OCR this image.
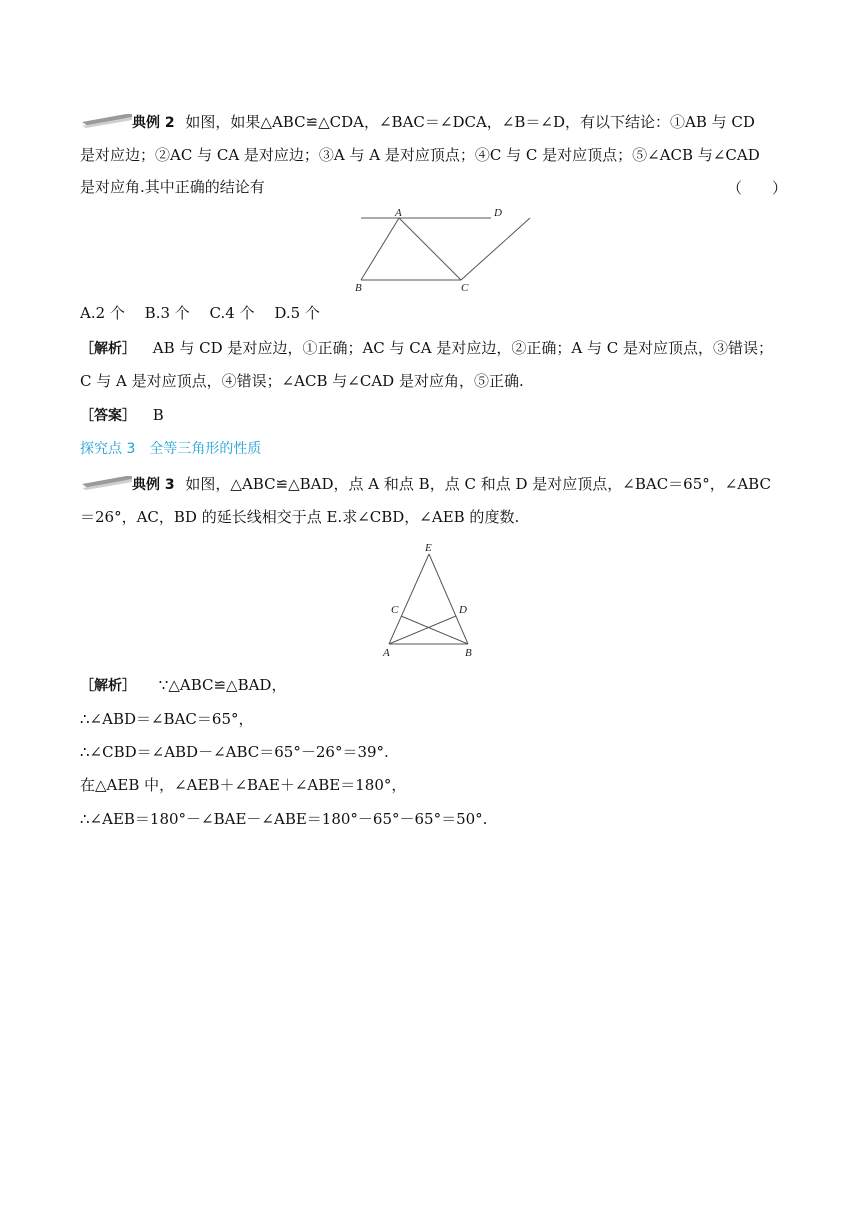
典例 2 如图，如果△ABC≌△CDA，∠BAC＝∠DCA，∠B＝∠D，有以下结论：①AB 与 CD
是对应边；②AC 与 CA 是对应边；③A 与 A 是对应顶点；④C 与 C 是对应顶点；⑤∠ACB 与∠CAD
是对应角.其中正确的结论有	（　　）
A	D
B	C
A.2 个　 B.3 个　 C.4 个　 D.5 个
［解析］ AB 与 CD 是对应边，①正确；AC 与 CA 是对应边，②正确；A 与 C 是对应顶点，③错误；
C 与 A 是对应顶点，④错误；∠ACB 与∠CAD 是对应角，⑤正确.
［答案］ B
探究点 3　全等三角形的性质
典例 3 如图，△ABC≌△BAD，点 A 和点 B，点 C 和点 D 是对应顶点，∠BAC＝65°，∠ABC
＝26°，AC，BD 的延长线相交于点 E.求∠CBD，∠AEB 的度数.
E
C	D
A	B
［解析］ ∵△ABC≌△BAD，
∴∠ABD＝∠BAC＝65°，
∴∠CBD＝∠ABD－∠ABC＝65°－26°＝39°.
在△AEB 中，∠AEB＋∠BAE＋∠ABE＝180°，
∴∠AEB＝180°－∠BAE－∠ABE＝180°－65°－65°＝50°.
